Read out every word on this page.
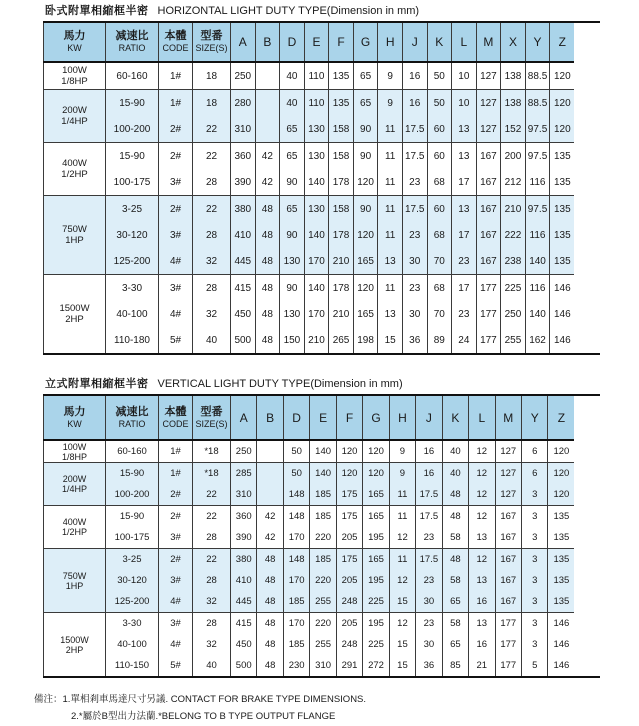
卧式附單相縮框半密 HORIZONTAL LIGHT DUTY TYPE(Dimension in mm)
馬力
KW

减速比
RATIO

本體
CODE

型番
SIZE(S)	A	B	D	E	F	G	H	J	K	L	M	X	Y	Z

100W
1/8HP	60-160	1#	18	250		40	110	135	65	9	16	50	10	127	138	88.5	120

200W
1/4HP	15-90	1#	18	280		40	110	135	65	9	16	50	10	127	138	88.5	120
	100-200	2#	22	310		65	130	158	90	11	17.5	60	13	127	152	97.5	120

400W
1/2HP	15-90	2#	22	360	42	65	130	158	90	11	17.5	60	13	167	200	97.5	135
	100-175	3#	28	390	42	90	140	178	120	11	23	68	17	167	212	116	135

750W
1HP	3-25	2#	22	380	48	65	130	158	90	11	17.5	60	13	167	210	97.5	135
	30-120	3#	28	410	48	90	140	178	120	11	23	68	17	167	222	116	135
	125-200	4#	32	445	48	130	170	210	165	13	30	70	23	167	238	140	135

1500W
2HP	3-30	3#	28	415	48	90	140	178	120	11	23	68	17	177	225	116	146
	40-100	4#	32	450	48	130	170	210	165	13	30	70	23	177	250	140	146
	110-180	5#	40	500	48	150	210	265	198	15	36	89	24	177	255	162	146
立式附單相縮框半密 VERTICAL LIGHT DUTY TYPE(Dimension in mm)
馬力
KW

减速比
RATIO

本體
CODE

型番
SIZE(S)	A	B	D	E	F	G	H	J	K	L	M	Y	Z

100W
1/8HP	60-160	1#	*18	250		50	140	120	120	9	16	40	12	127	6	120

200W
1/4HP	15-90	1#	*18	285		50	140	120	120	9	16	40	12	127	6	120
	100-200	2#	22	310		148	185	175	165	11	17.5	48	12	127	3	120

400W
1/2HP	15-90	2#	22	360	42	148	185	175	165	11	17.5	48	12	167	3	135
	100-175	3#	28	390	42	170	220	205	195	12	23	58	13	167	3	135

750W
1HP	3-25	2#	22	380	48	148	185	175	165	11	17.5	48	12	167	3	135
	30-120	3#	28	410	48	170	220	205	195	12	23	58	13	167	3	135
	125-200	4#	32	445	48	185	255	248	225	15	30	65	16	167	3	135

1500W
2HP	3-30	3#	28	415	48	170	220	205	195	12	23	58	13	177	3	146
	40-100	4#	32	450	48	185	255	248	225	15	30	65	16	177	3	146
	110-150	5#	40	500	48	230	310	291	272	15	36	85	21	177	5	146
備注：1.單相剎車馬達尺寸另議. CONTACT FOR BRAKE TYPE DIMENSIONS.
2.*屬於B型出力法蘭.*BELONG TO B TYPE OUTPUT FLANGE
